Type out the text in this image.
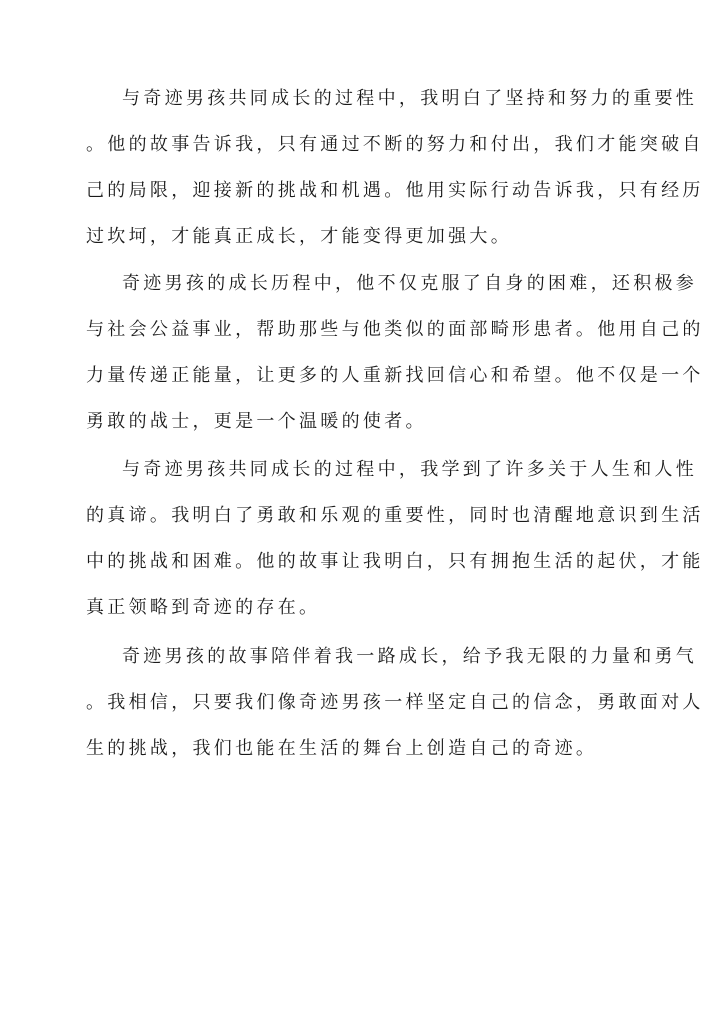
与奇迹男孩共同成长的过程中，我明白了坚持和努力的重要性
。他的故事告诉我，只有通过不断的努力和付出，我们才能突破自
己的局限，迎接新的挑战和机遇。他用实际行动告诉我，只有经历
过坎坷，才能真正成长，才能变得更加强大。
奇迹男孩的成长历程中，他不仅克服了自身的困难，还积极参
与社会公益事业，帮助那些与他类似的面部畸形患者。他用自己的
力量传递正能量，让更多的人重新找回信心和希望。他不仅是一个
勇敢的战士，更是一个温暖的使者。
与奇迹男孩共同成长的过程中，我学到了许多关于人生和人性
的真谛。我明白了勇敢和乐观的重要性，同时也清醒地意识到生活
中的挑战和困难。他的故事让我明白，只有拥抱生活的起伏，才能
真正领略到奇迹的存在。
奇迹男孩的故事陪伴着我一路成长，给予我无限的力量和勇气
。我相信，只要我们像奇迹男孩一样坚定自己的信念，勇敢面对人
生的挑战，我们也能在生活的舞台上创造自己的奇迹。
